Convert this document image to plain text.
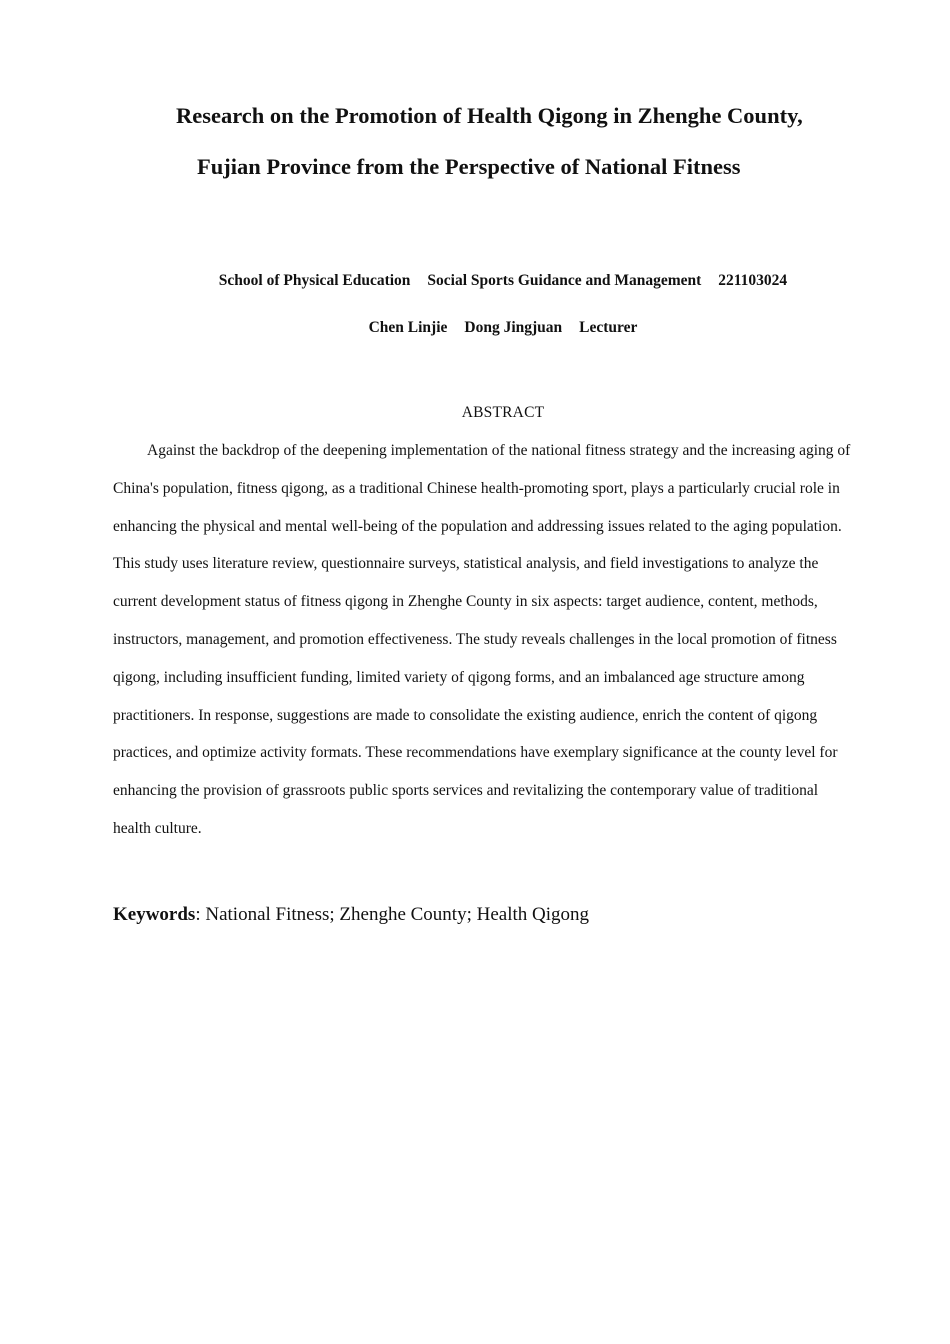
Research on the Promotion of Health Qigong in Zhenghe County,
Fujian Province from the Perspective of National Fitness
School of Physical Education Social Sports Guidance and Management 221103024
Chen Linjie Dong Jingjuan Lecturer
ABSTRACT

Against the backdrop of the deepening implementation of the national fitness strategy and the increasing aging of China's population, fitness qigong, as a traditional Chinese health-promoting sport, plays a particularly crucial role in enhancing the physical and mental well-being of the population and addressing issues related to the aging population. This study uses literature review, questionnaire surveys, statistical analysis, and field investigations to analyze the current development status of fitness qigong in Zhenghe County in six aspects: target audience, content, methods, instructors, management, and promotion effectiveness. The study reveals challenges in the local promotion of fitness qigong, including insufficient funding, limited variety of qigong forms, and an imbalanced age structure among practitioners. In response, suggestions are made to consolidate the existing audience, enrich the content of qigong practices, and optimize activity formats. These recommendations have exemplary significance at the county level for enhancing the provision of grassroots public sports services and revitalizing the contemporary value of traditional health culture.

Keywords: National Fitness; Zhenghe County; Health Qigong
